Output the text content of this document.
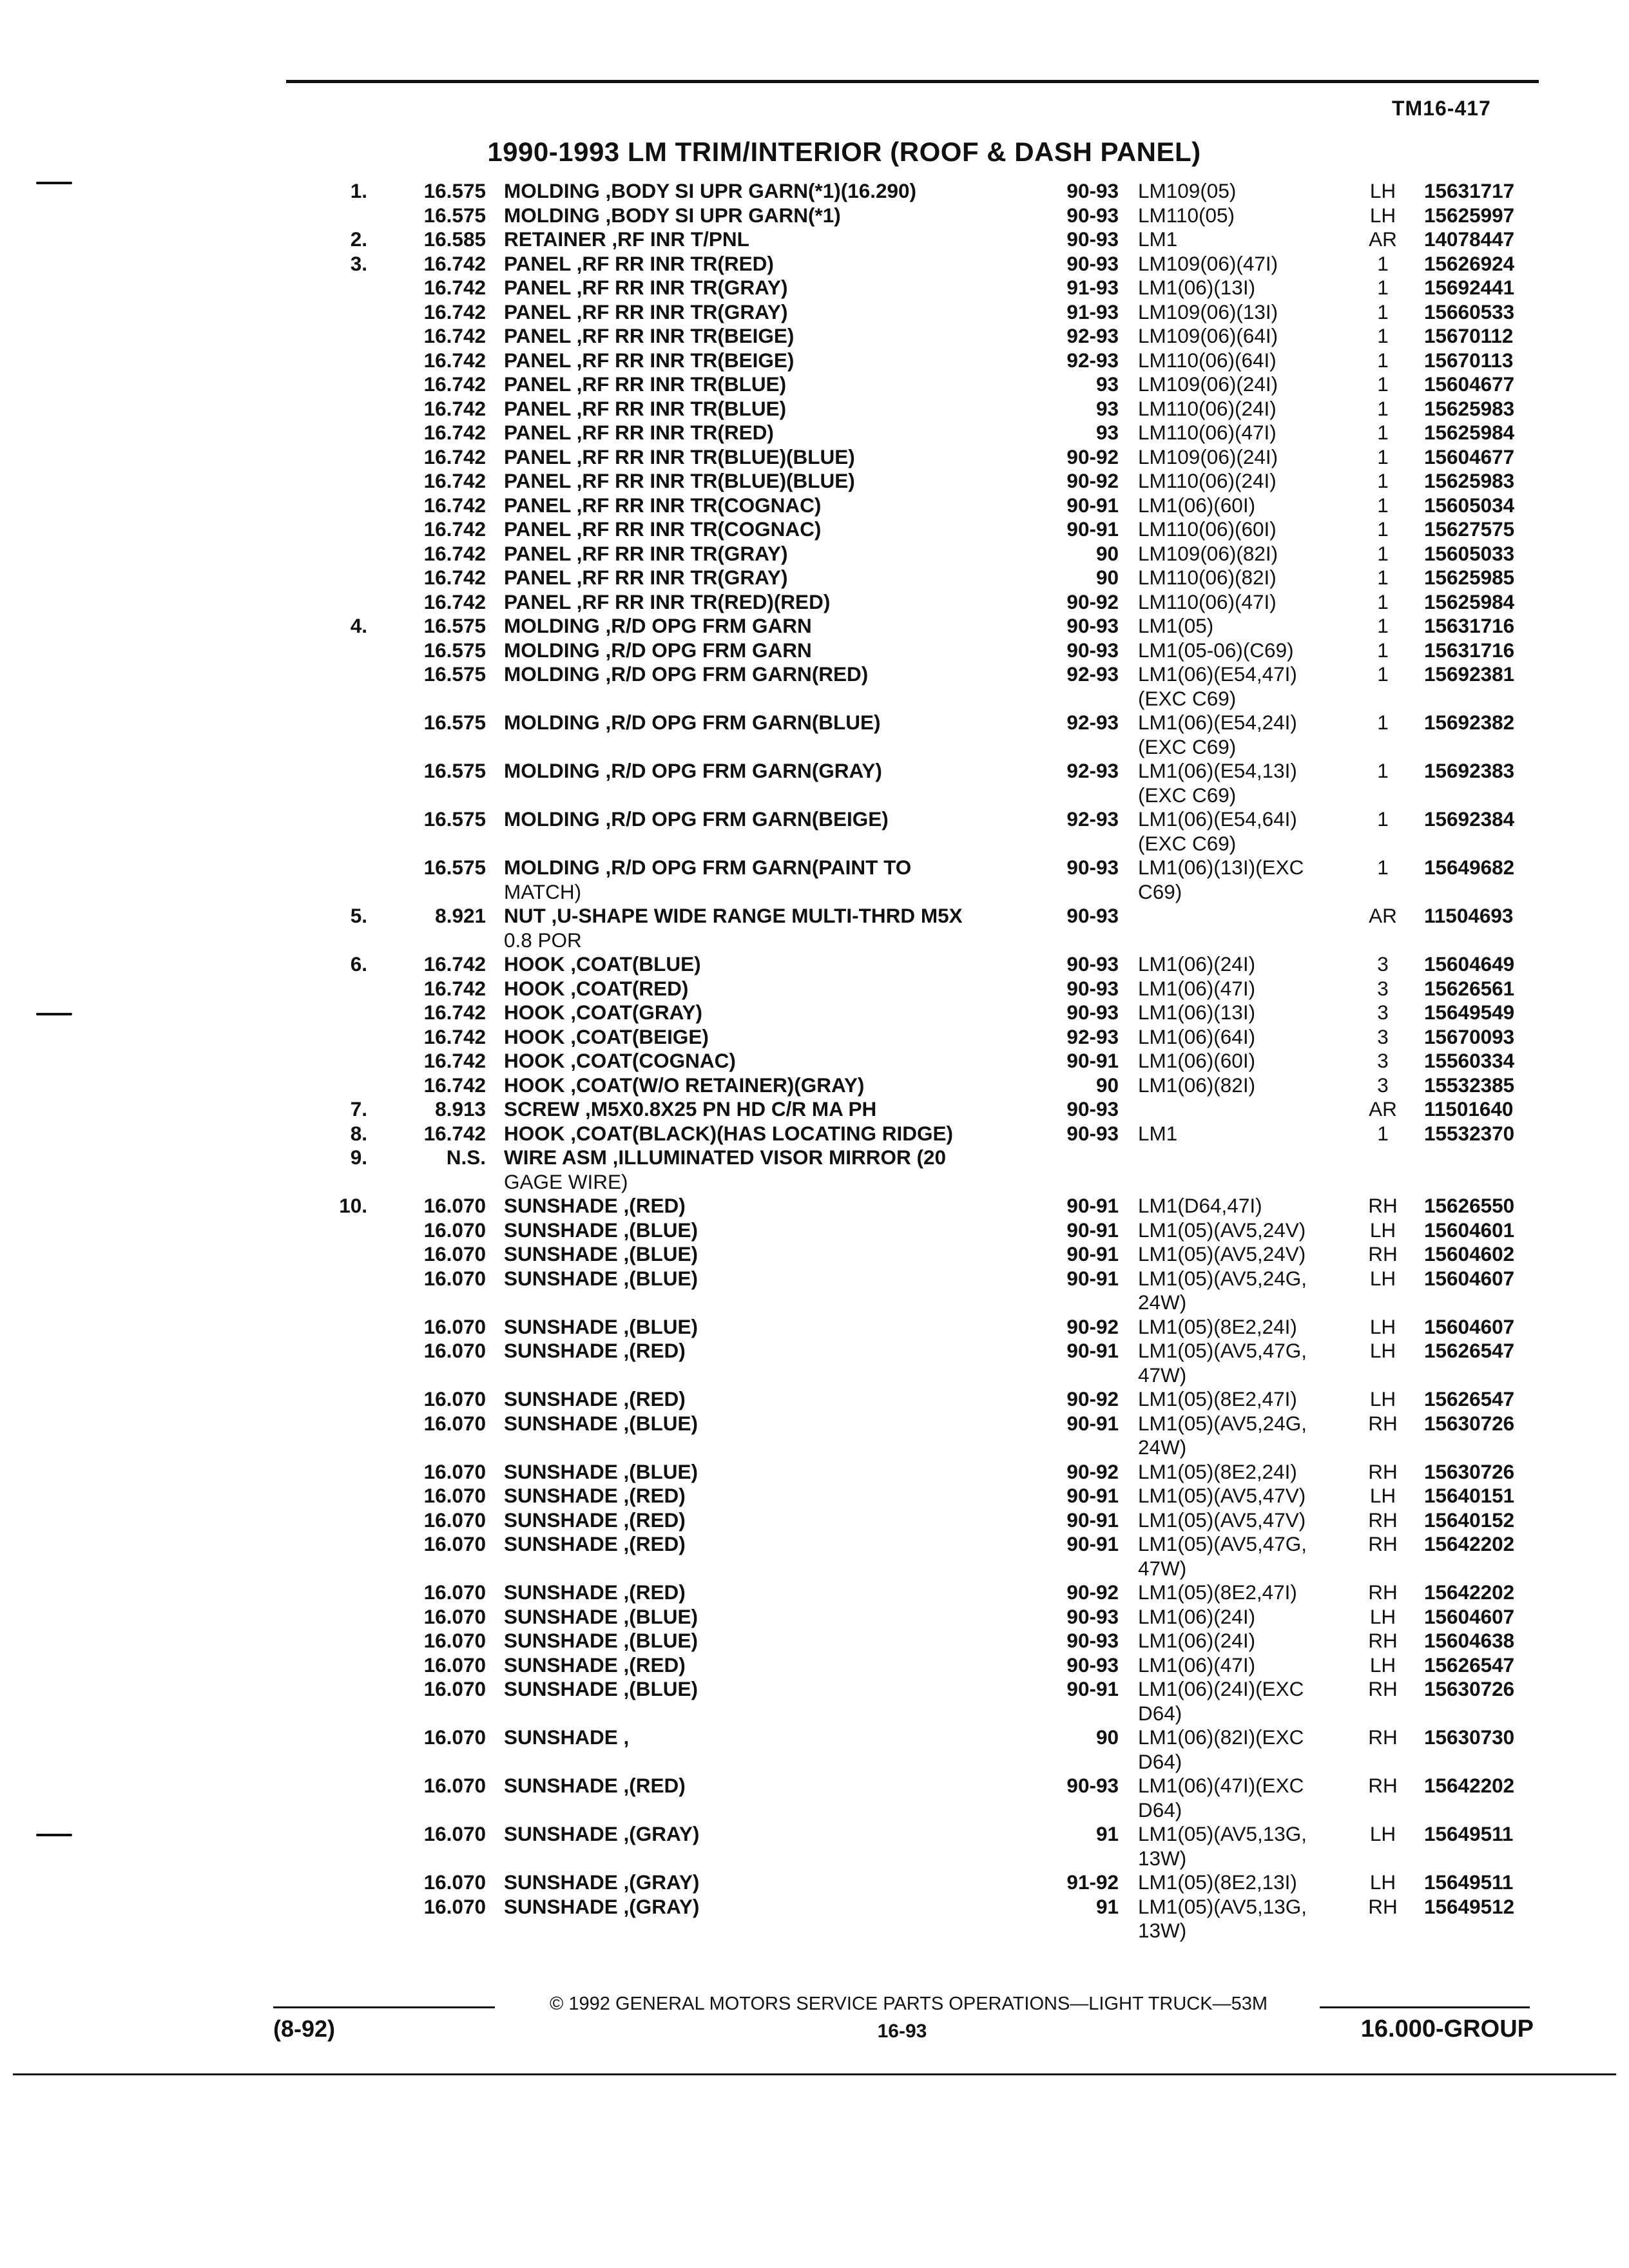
TM16-417
1990-1993 LM TRIM/INTERIOR (ROOF & DASH PANEL)
1.	16.575 MOLDING ,BODY SI UPR GARN(*1)(16.290)	90-93 LM109(05)	LH	15631717
16.575 MOLDING ,BODY SI UPR GARN(*1)	90-93 LM110(05)	LH	15625997
2.	16.585 RETAINER ,RF INR T/PNL	90-93 LM1	AR	14078447
3.	16.742 PANEL ,RF RR INR TR(RED)	90-93 LM109(06)(47I)	1	15626924
16.742 PANEL ,RF RR INR TR(GRAY)	91-93 LM1(06)(13I)	1	15692441
16.742 PANEL ,RF RR INR TR(GRAY)	91-93 LM109(06)(13I)	1	15660533
16.742 PANEL ,RF RR INR TR(BEIGE)	92-93 LM109(06)(64I)	1	15670112
16.742 PANEL ,RF RR INR TR(BEIGE)	92-93 LM110(06)(64I)	1	15670113
16.742 PANEL ,RF RR INR TR(BLUE)	93 LM109(06)(24I)	1	15604677
16.742 PANEL ,RF RR INR TR(BLUE)	93 LM110(06)(24I)	1	15625983
16.742 PANEL ,RF RR INR TR(RED)	93 LM110(06)(47I)	1	15625984
16.742 PANEL ,RF RR INR TR(BLUE)(BLUE)	90-92 LM109(06)(24I)	1	15604677
16.742 PANEL ,RF RR INR TR(BLUE)(BLUE)	90-92 LM110(06)(24I)	1	15625983
16.742 PANEL ,RF RR INR TR(COGNAC)	90-91 LM1(06)(60I)	1	15605034
16.742 PANEL ,RF RR INR TR(COGNAC)	90-91 LM110(06)(60I)	1	15627575
16.742 PANEL ,RF RR INR TR(GRAY)	90 LM109(06)(82I)	1	15605033
16.742 PANEL ,RF RR INR TR(GRAY)	90 LM110(06)(82I)	1	15625985
16.742 PANEL ,RF RR INR TR(RED)(RED)	90-92 LM110(06)(47I)	1	15625984
4.	16.575 MOLDING ,R/D OPG FRM GARN	90-93 LM1(05)	1	15631716
16.575 MOLDING ,R/D OPG FRM GARN	90-93 LM1(05-06)(C69)	1	15631716
16.575 MOLDING ,R/D OPG FRM GARN(RED)	92-93 LM1(06)(E54,47I)	1	15692381
(EXC C69)
16.575 MOLDING ,R/D OPG FRM GARN(BLUE)	92-93 LM1(06)(E54,24I)	1	15692382
(EXC C69)
16.575 MOLDING ,R/D OPG FRM GARN(GRAY)	92-93 LM1(06)(E54,13I)	1	15692383
(EXC C69)
16.575 MOLDING ,R/D OPG FRM GARN(BEIGE)	92-93 LM1(06)(E54,64I)	1	15692384
(EXC C69)
16.575 MOLDING ,R/D OPG FRM GARN(PAINT TO	90-93 LM1(06)(13I)(EXC	1	15649682
MATCH)	C69)
5.	8.921 NUT ,U-SHAPE WIDE RANGE MULTI-THRD M5X	90-93	AR	11504693
0.8 POR
6.	16.742 HOOK ,COAT(BLUE)	90-93 LM1(06)(24I)	3	15604649
16.742 HOOK ,COAT(RED)	90-93 LM1(06)(47I)	3	15626561
16.742 HOOK ,COAT(GRAY)	90-93 LM1(06)(13I)	3	15649549
16.742 HOOK ,COAT(BEIGE)	92-93 LM1(06)(64I)	3	15670093
16.742 HOOK ,COAT(COGNAC)	90-91 LM1(06)(60I)	3	15560334
16.742 HOOK ,COAT(W/O RETAINER)(GRAY)	90 LM1(06)(82I)	3	15532385
7.	8.913 SCREW ,M5X0.8X25 PN HD C/R MA PH	90-93	AR	11501640
8.	16.742 HOOK ,COAT(BLACK)(HAS LOCATING RIDGE)	90-93 LM1	1	15532370
9.	N.S. WIRE ASM ,ILLUMINATED VISOR MIRROR (20
GAGE WIRE)
10.	16.070 SUNSHADE ,(RED)	90-91 LM1(D64,47I)	RH	15626550
16.070 SUNSHADE ,(BLUE)	90-91 LM1(05)(AV5,24V)	LH	15604601
16.070 SUNSHADE ,(BLUE)	90-91 LM1(05)(AV5,24V)	RH	15604602
16.070 SUNSHADE ,(BLUE)	90-91 LM1(05)(AV5,24G,	LH	15604607
24W)
16.070 SUNSHADE ,(BLUE)	90-92 LM1(05)(8E2,24I)	LH	15604607
16.070 SUNSHADE ,(RED)	90-91 LM1(05)(AV5,47G,	LH	15626547
47W)
16.070 SUNSHADE ,(RED)	90-92 LM1(05)(8E2,47I)	LH	15626547
16.070 SUNSHADE ,(BLUE)	90-91 LM1(05)(AV5,24G,	RH	15630726
24W)
16.070 SUNSHADE ,(BLUE)	90-92 LM1(05)(8E2,24I)	RH	15630726
16.070 SUNSHADE ,(RED)	90-91 LM1(05)(AV5,47V)	LH	15640151
16.070 SUNSHADE ,(RED)	90-91 LM1(05)(AV5,47V)	RH	15640152
16.070 SUNSHADE ,(RED)	90-91 LM1(05)(AV5,47G,	RH	15642202
47W)
16.070 SUNSHADE ,(RED)	90-92 LM1(05)(8E2,47I)	RH	15642202
16.070 SUNSHADE ,(BLUE)	90-93 LM1(06)(24I)	LH	15604607
16.070 SUNSHADE ,(BLUE)	90-93 LM1(06)(24I)	RH	15604638
16.070 SUNSHADE ,(RED)	90-93 LM1(06)(47I)	LH	15626547
16.070 SUNSHADE ,(BLUE)	90-91 LM1(06)(24I)(EXC	RH	15630726
D64)
16.070 SUNSHADE ,	90 LM1(06)(82I)(EXC	RH	15630730
D64)
16.070 SUNSHADE ,(RED)	90-93 LM1(06)(47I)(EXC	RH	15642202
D64)
16.070 SUNSHADE ,(GRAY)	91 LM1(05)(AV5,13G,	LH	15649511
13W)
16.070 SUNSHADE ,(GRAY)	91-92 LM1(05)(8E2,13I)	LH	15649511
16.070 SUNSHADE ,(GRAY)	91 LM1(05)(AV5,13G,	RH	15649512
13W)
© 1992 GENERAL MOTORS SERVICE PARTS OPERATIONS—LIGHT TRUCK—53M
(8-92)	16-93	16.000-GROUP
